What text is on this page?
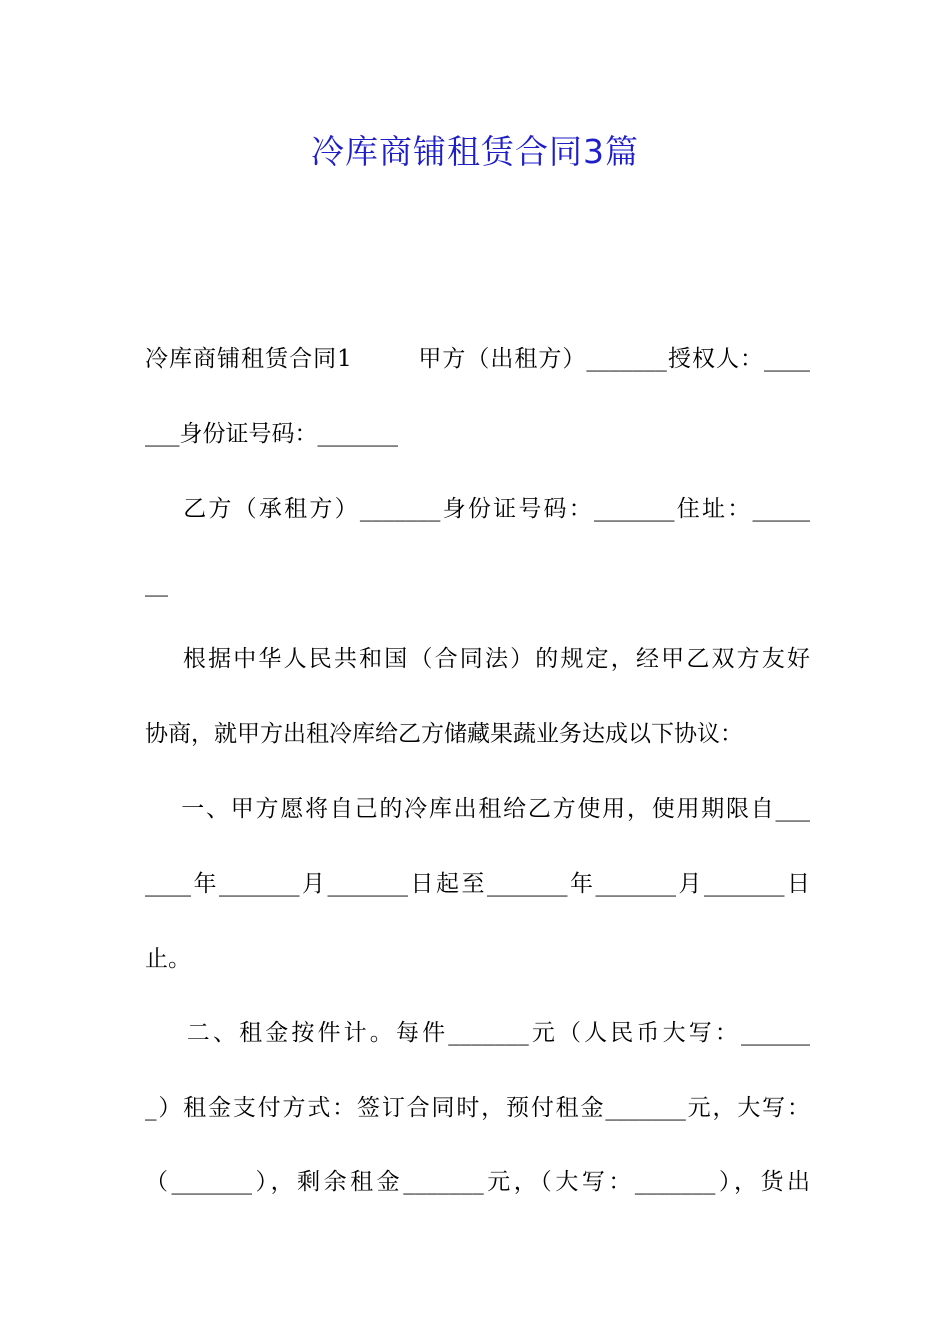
冷库商铺租赁合同3篇
冷库商铺租赁合同1        甲方（出租方）_______授权人：____
___身份证号码：_______
乙方（承租方）_______身份证号码：_______住址：_____
__
根据中华人民共和国（合同法）的规定，经甲乙双方友好
协商，就甲方出租冷库给乙方储藏果蔬业务达成以下协议：
一、甲方愿将自己的冷库出租给乙方使用，使用期限自___
____年_______月_______日起至_______年_______月_______日
止。
二、租金按件计。每件_______元（人民币大写：______
_）租金支付方式：签订合同时，预付租金_______元，大写：
（_______），剩余租金_______元，（大写：_______），货出
